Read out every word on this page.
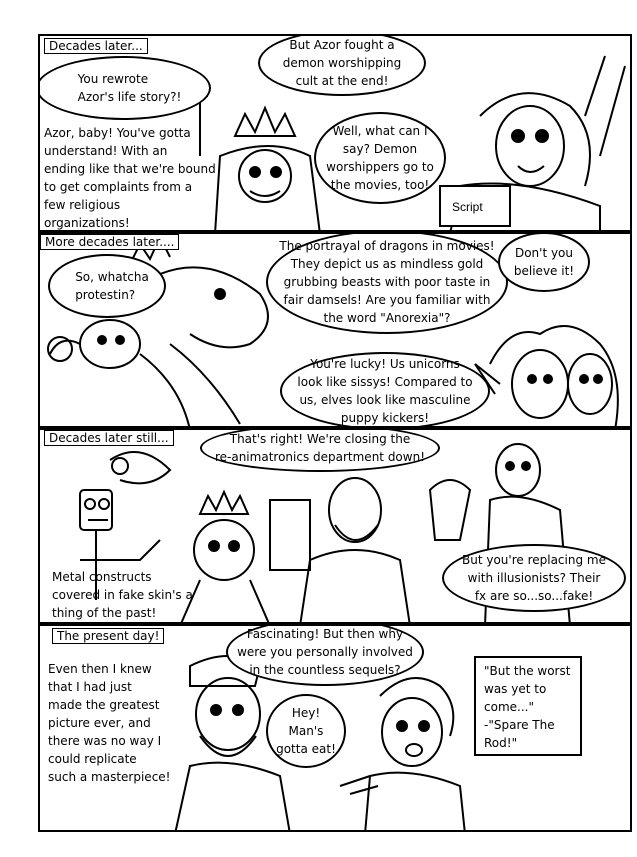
Script
Decades later...
You rewrote
Azor's life story?!
But Azor fought a
demon worshipping
cult at the end!
Azor, baby! You've gotta
understand! With an
ending like that we're bound
to get complaints from a
few religious
organizations!
Well, what can I
say? Demon
worshippers go to
the movies, too!
More decades later....
So, whatcha
protestin?
The portrayal of dragons in movies!
They depict us as mindless gold
grubbing beasts with poor taste in
fair damsels! Are you familiar with
the word "Anorexia"?
Don't you
believe it!
You're lucky! Us unicorns
look like sissys! Compared to
us, elves look like masculine
puppy kickers!
Decades later still...	That's right! We're closing the
re-animatronics department down!
Metal constructs
covered in fake skin's a
thing of the past!
But you're replacing me
with illusionists? Their
fx are so...so...fake!
The present day!	Fascinating! But then why
were you personally involved
in the countless sequels?
Even then I knew
that I had just
made the greatest
picture ever, and
there was no way I
could replicate
such a masterpiece!
Hey!
Man's
gotta eat!
"But the worst
was yet to
come..."
-"Spare The
Rod!"
